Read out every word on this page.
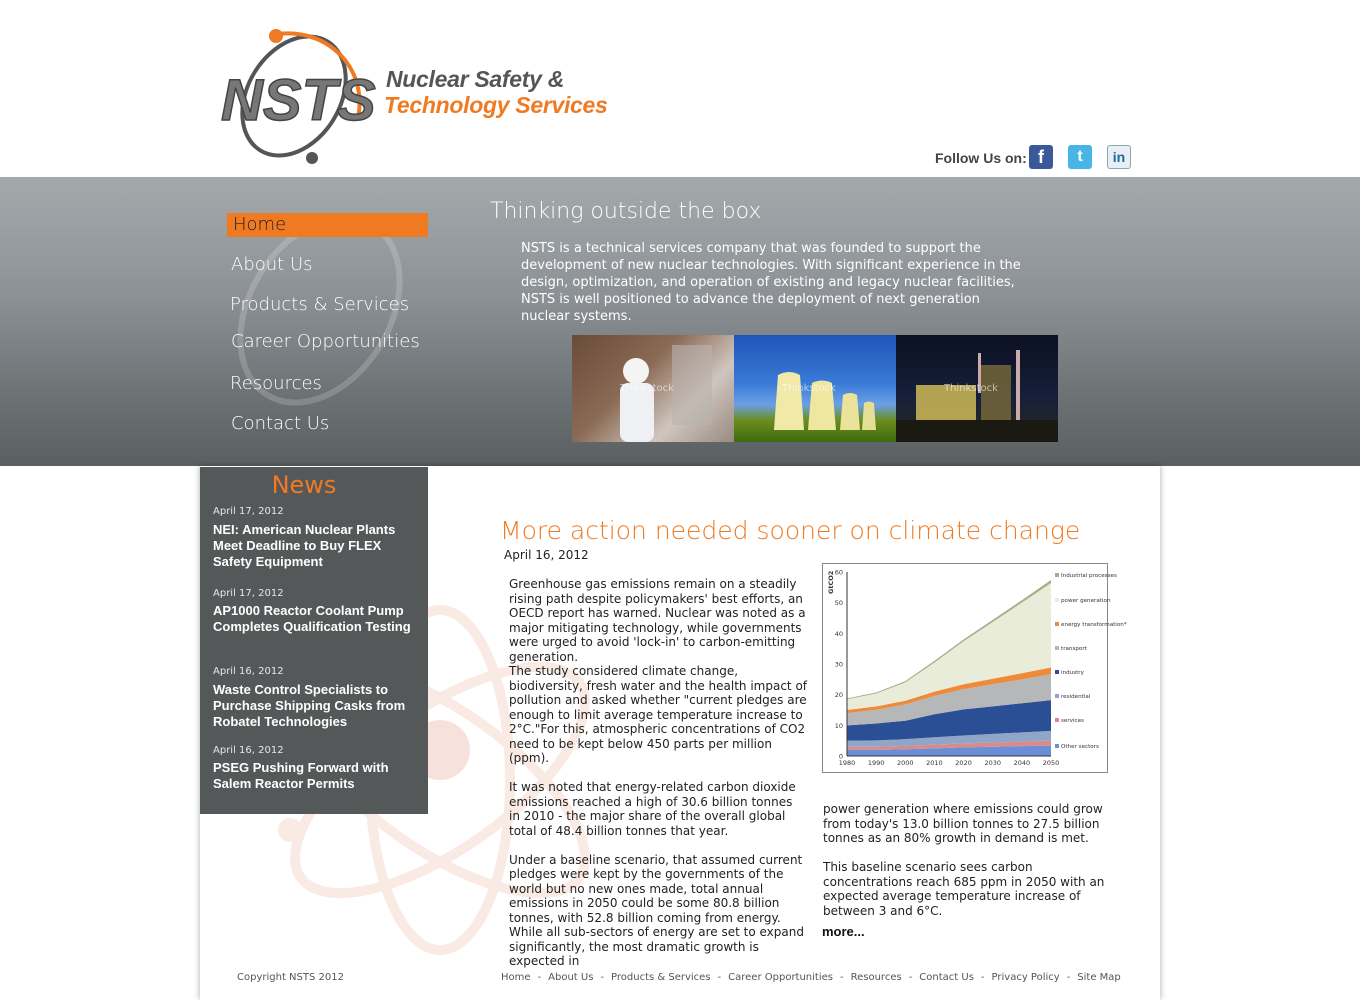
NSTS Nuclear Safety &
Technology Services
Follow Us on: f	t	in
Home
About Us
Products & Services
Career Opportunities
Resources
Contact Us
Thinking outside the box
NSTS is a technical services company that was founded to support the development of new nuclear technologies. With significant experience in the design, optimization, and operation of existing and legacy nuclear facilities, NSTS is well positioned to advance the deployment of next generation nuclear systems.
Thinkstock	Thinkstock	Thinkstock
News
April 17, 2012
NEI: American Nuclear Plants Meet Deadline to Buy FLEX Safety Equipment
April 17, 2012
AP1000 Reactor Coolant Pump Completes Qualification Testing
April 16, 2012
Waste Control Specialists to Purchase Shipping Casks from Robatel Technologies
April 16, 2012
PSEG Pushing Forward with Salem Reactor Permits
More action needed sooner on climate change
April 16, 2012
Greenhouse gas emissions remain on a steadily rising path despite policymakers' best efforts, an OECD report has warned. Nuclear was noted as a major mitigating technology, while governments were urged to avoid 'lock-in' to carbon-emitting generation.

The study considered climate change, biodiversity, fresh water and the health impact of pollution and asked whether "current pledges are enough to limit average temperature increase to 2°C."For this, atmospheric concentrations of CO2 need to be kept below 450 parts per million (ppm).

It was noted that energy-related carbon dioxide emissions reached a high of 30.6 billion tonnes in 2010 - the major share of the overall global total of 48.4 billion tonnes that year.

Under a baseline scenario, that assumed current pledges were kept by the governments of the world but no new ones made, total annual emissions in 2050 could be some 80.8 billion tonnes, with 52.8 billion coming from energy. While all sub-sectors of energy are set to expand significantly, the most dramatic growth is expected in

power generation where emissions could grow from today's 13.0 billion tonnes to 27.5 billion tonnes as an 80% growth in demand is met.

This baseline scenario sees carbon concentrations reach 685 ppm in 2050 with an expected average temperature increase of between 3 and 6°C.

more...
0
10
20
30
40
50
60
1980 1990 2000 2010 2020 2030 2040 2050
GtCO2	Industrial processes
power generation
energy transformation*
transport
industry
residential
services
Other sectors
Copyright NSTS 2012	Home - About Us - Products & Services - Career Opportunities - Resources - Contact Us - Privacy Policy - Site Map
